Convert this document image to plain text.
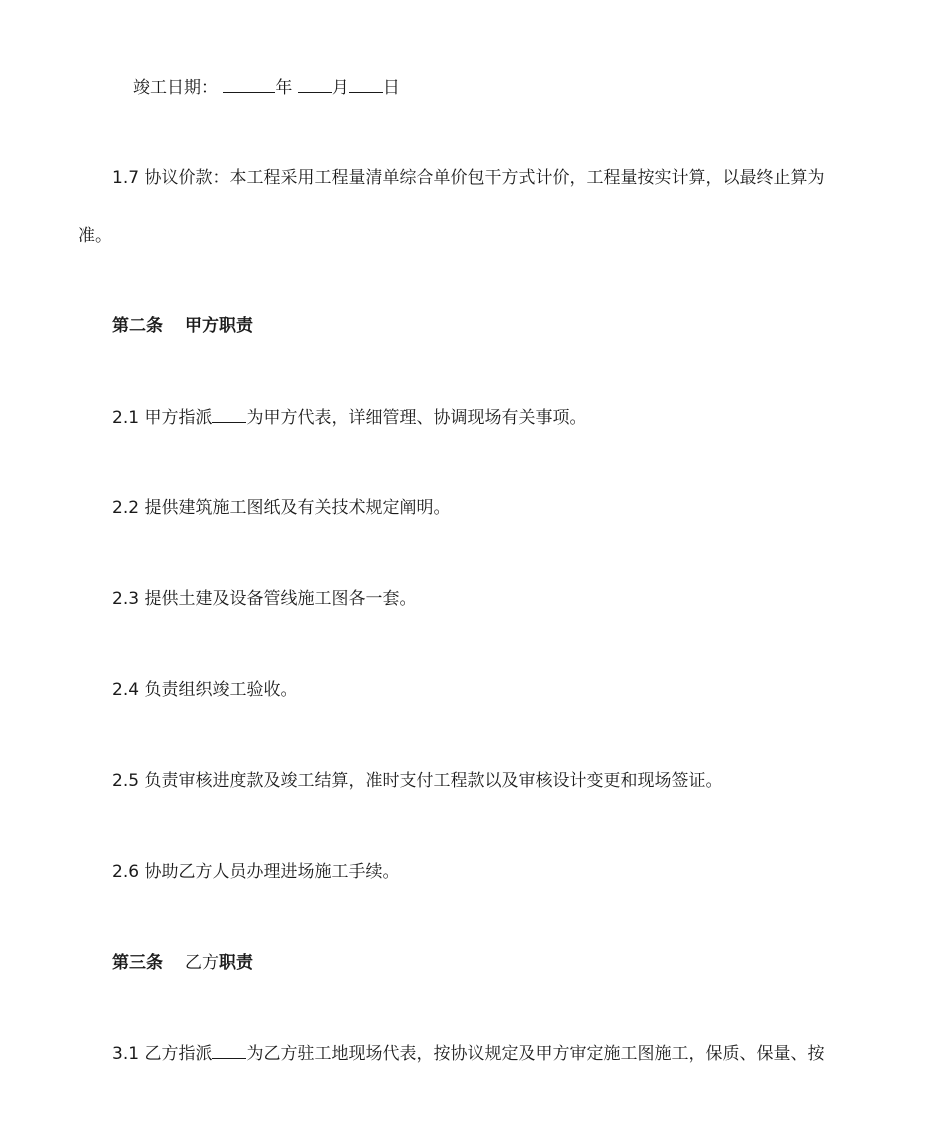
竣工日期：	年 月 日
1.7 协议价款：本工程采用工程量清单综合单价包干方式计价，工程量按实计算，以最终止算为
准。
第二条 甲方职责
2.1 甲方指派 为甲方代表，详细管理、协调现场有关事项。
2.2 提供建筑施工图纸及有关技术规定阐明。
2.3 提供土建及设备管线施工图各一套。
2.4 负责组织竣工验收。
2.5 负责审核进度款及竣工结算，准时支付工程款以及审核设计变更和现场签证。
2.6 协助乙方人员办理进场施工手续。
第三条 乙方职责
3.1 乙方指派 为乙方驻工地现场代表，按协议规定及甲方审定施工图施工，保质、保量、按
